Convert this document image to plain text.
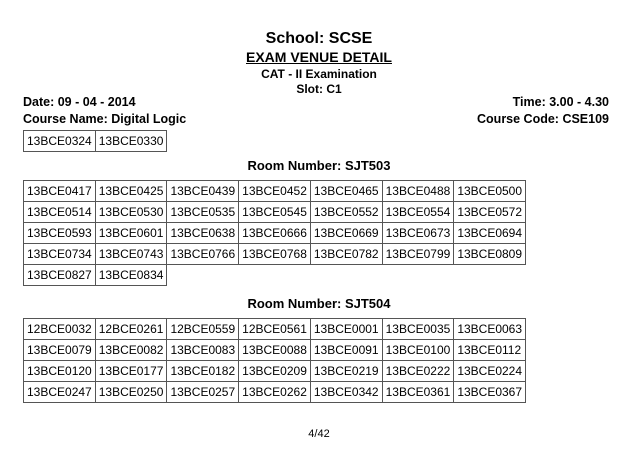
School: SCSE
EXAM VENUE DETAIL
CAT - II Examination
Slot: C1
Date: 09 - 04 - 2014	Time: 3.00 - 4.30
Course Name: Digital Logic	Course Code: CSE109
13BCE0324	13BCE0330
Room Number: SJT503
13BCE0417	13BCE0425	13BCE0439	13BCE0452	13BCE0465	13BCE0488	13BCE0500
13BCE0514	13BCE0530	13BCE0535	13BCE0545	13BCE0552	13BCE0554	13BCE0572
13BCE0593	13BCE0601	13BCE0638	13BCE0666	13BCE0669	13BCE0673	13BCE0694
13BCE0734	13BCE0743	13BCE0766	13BCE0768	13BCE0782	13BCE0799	13BCE0809
13BCE0827	13BCE0834					
Room Number: SJT504
12BCE0032	12BCE0261	12BCE0559	12BCE0561	13BCE0001	13BCE0035	13BCE0063
13BCE0079	13BCE0082	13BCE0083	13BCE0088	13BCE0091	13BCE0100	13BCE0112
13BCE0120	13BCE0177	13BCE0182	13BCE0209	13BCE0219	13BCE0222	13BCE0224
13BCE0247	13BCE0250	13BCE0257	13BCE0262	13BCE0342	13BCE0361	13BCE0367
4/42
